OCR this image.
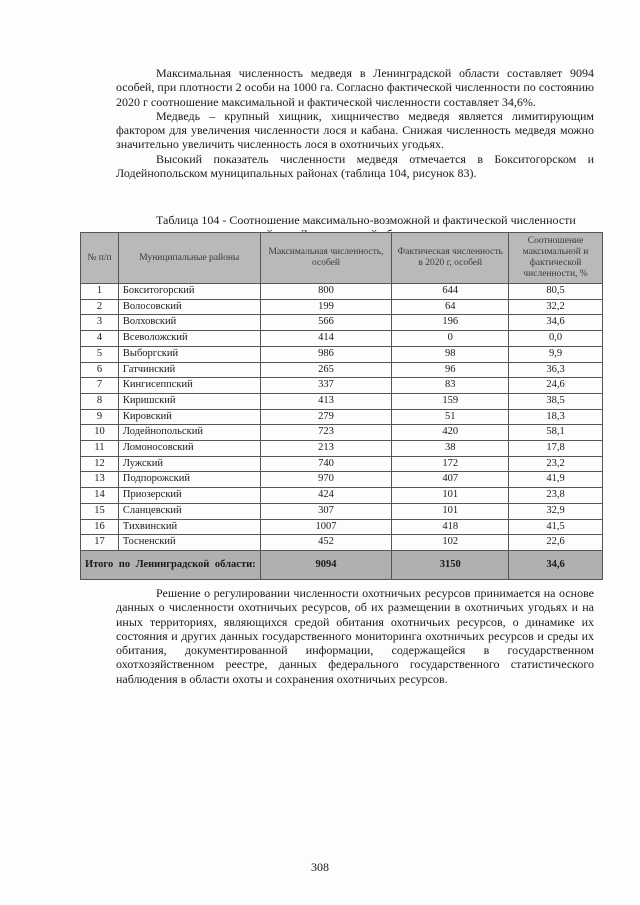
Максимальная численность медведя в Ленинградской области составляет 9094 особей, при плотности 2 особи на 1000 га. Согласно фактической численности по состоянию 2020 г соотношение максимальной и фактической численности составляет 34,6%.

Медведь – крупный хищник, хищничество медведя является лимитирующим фактором для увеличения численности лося и кабана. Снижая численность медведя можно значительно увеличить численность лося в охотничьих угодьях.

Высокий показатель численности медведя отмечается в Бокситогорском и Лодейнопольском муниципальных районах (таблица 104, рисунок 83).

Таблица 104 - Соотношение максимально-возможной и фактической численности
№ п/п	Муниципальные районы	Максимальная численность, особей	Фактическая численность в 2020 г, особей	Соотношение максимальной и фактической численности, %
1	Бокситогорский	800	644	80,5
2	Волосовский	199	64	32,2
3	Волховский	566	196	34,6
4	Всеволожский	414	0	0,0
5	Выборгский	986	98	9,9
6	Гатчинский	265	96	36,3
7	Кингисеппский	337	83	24,6
8	Киришский	413	159	38,5
9	Кировский	279	51	18,3
10	Лодейнопольский	723	420	58,1
11	Ломоносовский	213	38	17,8
12	Лужский	740	172	23,2
13	Подпорожский	970	407	41,9
14	Приозерский	424	101	23,8
15	Сланцевский	307	101	32,9
16	Тихвинский	1007	418	41,5
17	Тосненский	452	102	22,6
Итого по Ленинградской области:		9094	3150	34,6

Решение о регулировании численности охотничьих ресурсов принимается на основе данных о численности охотничьих ресурсов, об их размещении в охотничьих угодьях и на иных территориях, являющихся средой обитания охотничьих ресурсов, о динамике их состояния и других данных государственного мониторинга охотничьих ресурсов и среды их обитания, документированной информации, содержащейся в государственном охотхозяйственном реестре, данных федерального государственного статистического наблюдения в области охоты и сохранения охотничьих ресурсов.

308
